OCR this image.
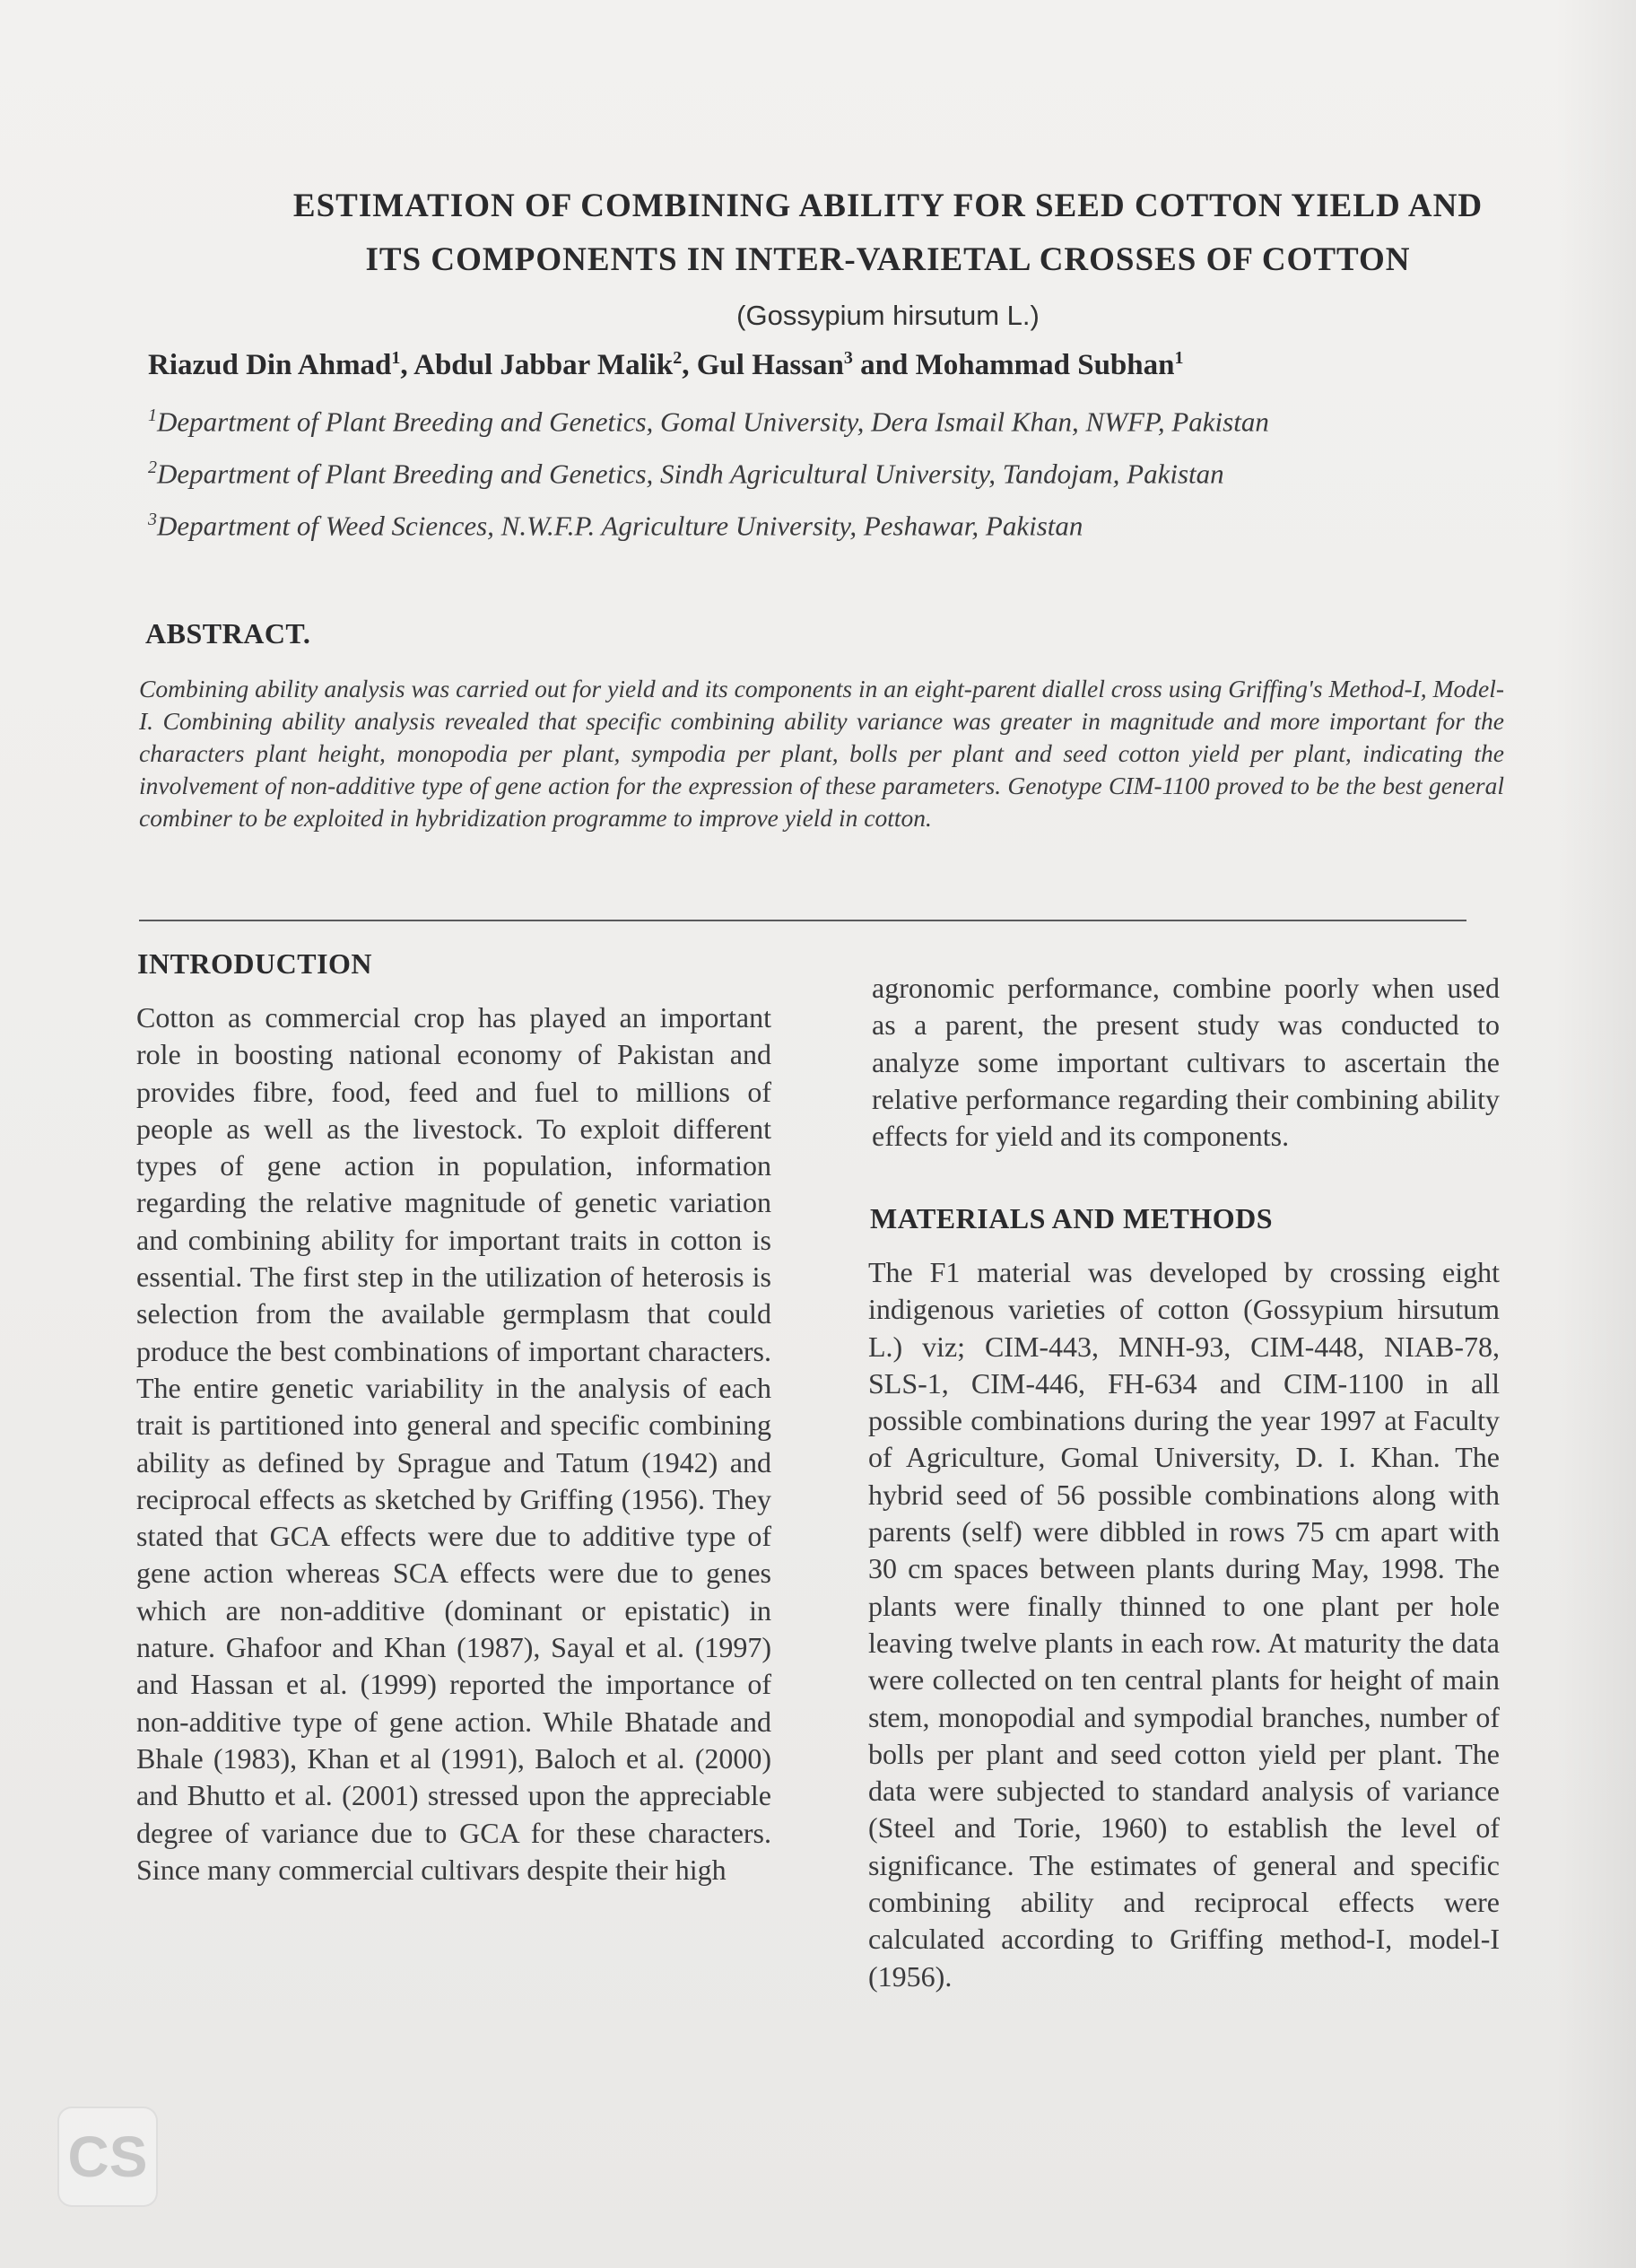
ESTIMATION OF COMBINING ABILITY FOR SEED COTTON YIELD AND
ITS COMPONENTS IN INTER-VARIETAL CROSSES OF COTTON
(Gossypium hirsutum L.)
Riazud Din Ahmad$^1$, Abdul Jabbar Malik$^2$, Gul Hassan$^3$ and Mohammad Subhan$^1$
$^1$Department of Plant Breeding and Genetics, Gomal University, Dera Ismail Khan, NWFP, Pakistan
$^2$Department of Plant Breeding and Genetics, Sindh Agricultural University, Tandojam, Pakistan
$^3$Department of Weed Sciences, N.W.F.P. Agriculture University, Peshawar, Pakistan
ABSTRACT.
Combining ability analysis was carried out for yield and its components in an eight-parent diallel cross using Griffing's Method-I, Model-I. Combining ability analysis revealed that specific combining ability variance was greater in magnitude and more important for the characters plant height, monopodia per plant, sympodia per plant, bolls per plant and seed cotton yield per plant, indicating the involvement of non-additive type of gene action for the expression of these parameters. Genotype CIM-1100 proved to be the best general combiner to be exploited in hybridization programme to improve yield in cotton.
INTRODUCTION

Cotton as commercial crop has played an important role in boosting national economy of Pakistan and provides fibre, food, feed and fuel to millions of people as well as the livestock. To exploit different types of gene action in population, information regarding the relative magnitude of genetic variation and combining ability for important traits in cotton is essential. The first step in the utilization of heterosis is selection from the available germplasm that could produce the best combinations of important characters. The entire genetic variability in the analysis of each trait is partitioned into general and specific combining ability as defined by Sprague and Tatum (1942) and reciprocal effects as sketched by Griffing (1956). They stated that GCA effects were due to additive type of gene action whereas SCA effects were due to genes which are non-additive (dominant or epistatic) in nature. Ghafoor and Khan (1987), Sayal et al. (1997) and Hassan et al. (1999) reported the importance of non-additive type of gene action. While Bhatade and Bhale (1983), Khan et al (1991), Baloch et al. (2000) and Bhutto et al. (2001) stressed upon the appreciable degree of variance due to GCA for these characters. Since many commercial cultivars despite their high

agronomic performance, combine poorly when used as a parent, the present study was conducted to analyze some important cultivars to ascertain the relative performance regarding their combining ability effects for yield and its components.

MATERIALS AND METHODS

The F1 material was developed by crossing eight indigenous varieties of cotton (Gossypium hirsutum L.) viz; CIM-443, MNH-93, CIM-448, NIAB-78, SLS-1, CIM-446, FH-634 and CIM-1100 in all possible combinations during the year 1997 at Faculty of Agriculture, Gomal University, D. I. Khan. The hybrid seed of 56 possible combinations along with parents (self) were dibbled in rows 75 cm apart with 30 cm spaces between plants during May, 1998. The plants were finally thinned to one plant per hole leaving twelve plants in each row. At maturity the data were collected on ten central plants for height of main stem, monopodial and sympodial branches, number of bolls per plant and seed cotton yield per plant. The data were subjected to standard analysis of variance (Steel and Torie, 1960) to establish the level of significance. The estimates of general and specific combining ability and reciprocal effects were calculated according to Griffing method-I, model-I (1956).

CS
